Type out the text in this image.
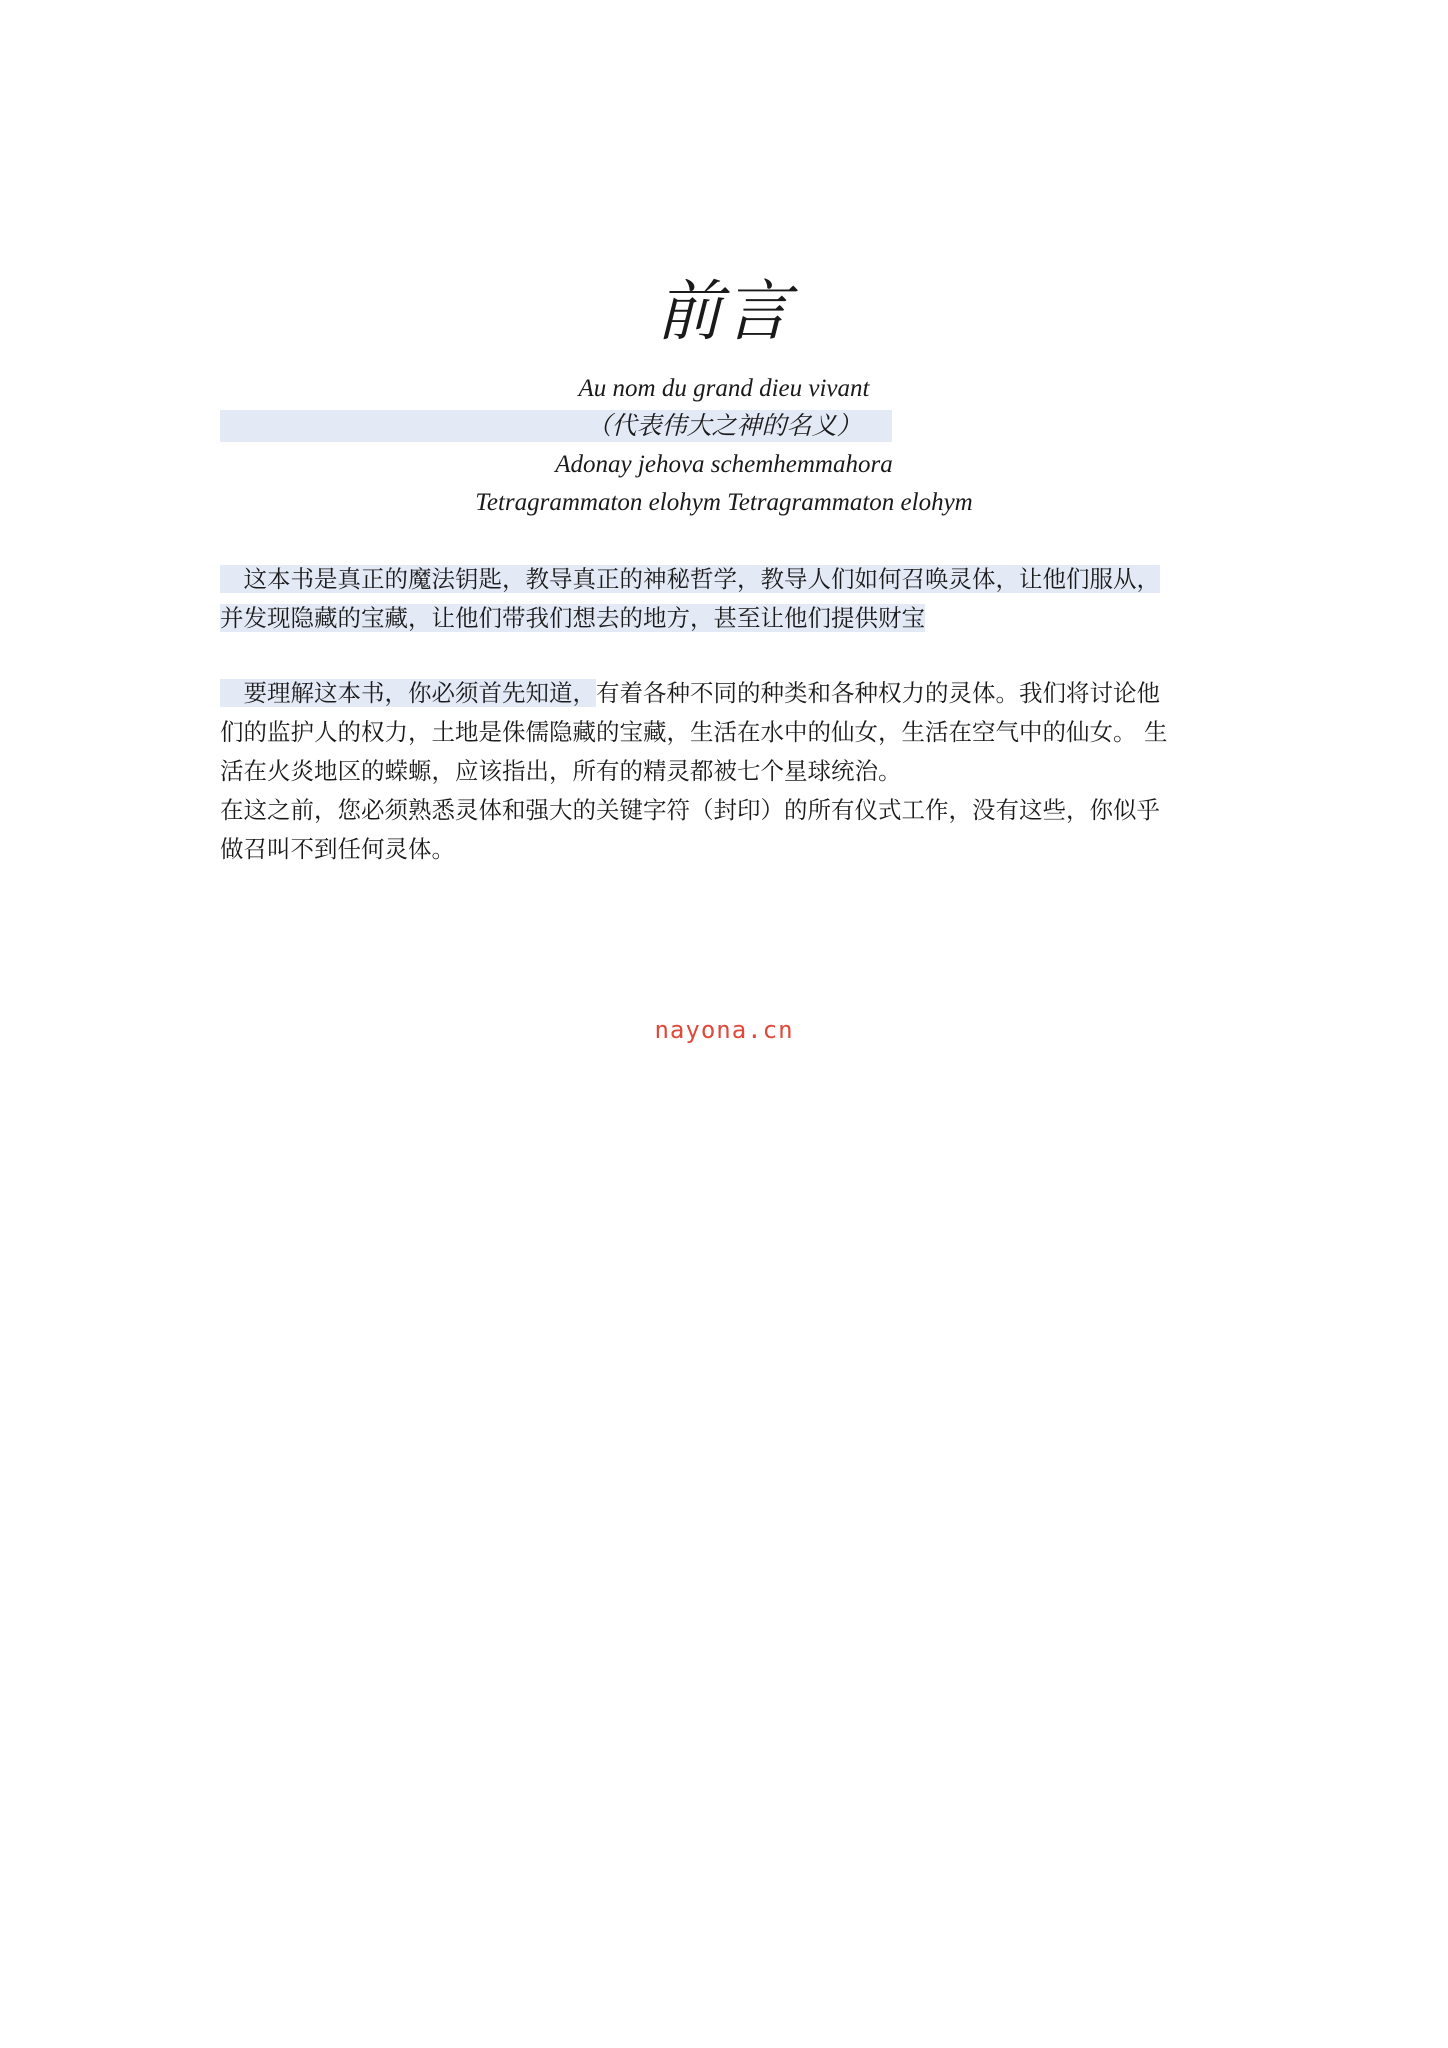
前言

Au nom du grand dieu vivant

（代表伟大之神的名义）

Adonay jehova schemhemmahora

Tetragrammaton elohym Tetragrammaton elohym

　这本书是真正的魔法钥匙，教导真正的神秘哲学，教导人们如何召唤灵体，让他们服从，
并发现隐藏的宝藏，让他们带我们想去的地方，甚至让他们提供财宝
　要理解这本书，你必须首先知道，有着各种不同的种类和各种权力的灵体。我们将讨论他
们的监护人的权力，土地是侏儒隐藏的宝藏，生活在水中的仙女，生活在空气中的仙女。 生
活在火炎地区的蝾螈，应该指出，所有的精灵都被七个星球统治。
在这之前，您必须熟悉灵体和强大的关键字符（封印）的所有仪式工作，没有这些，你似乎
做召叫不到任何灵体。
nayona.cn
